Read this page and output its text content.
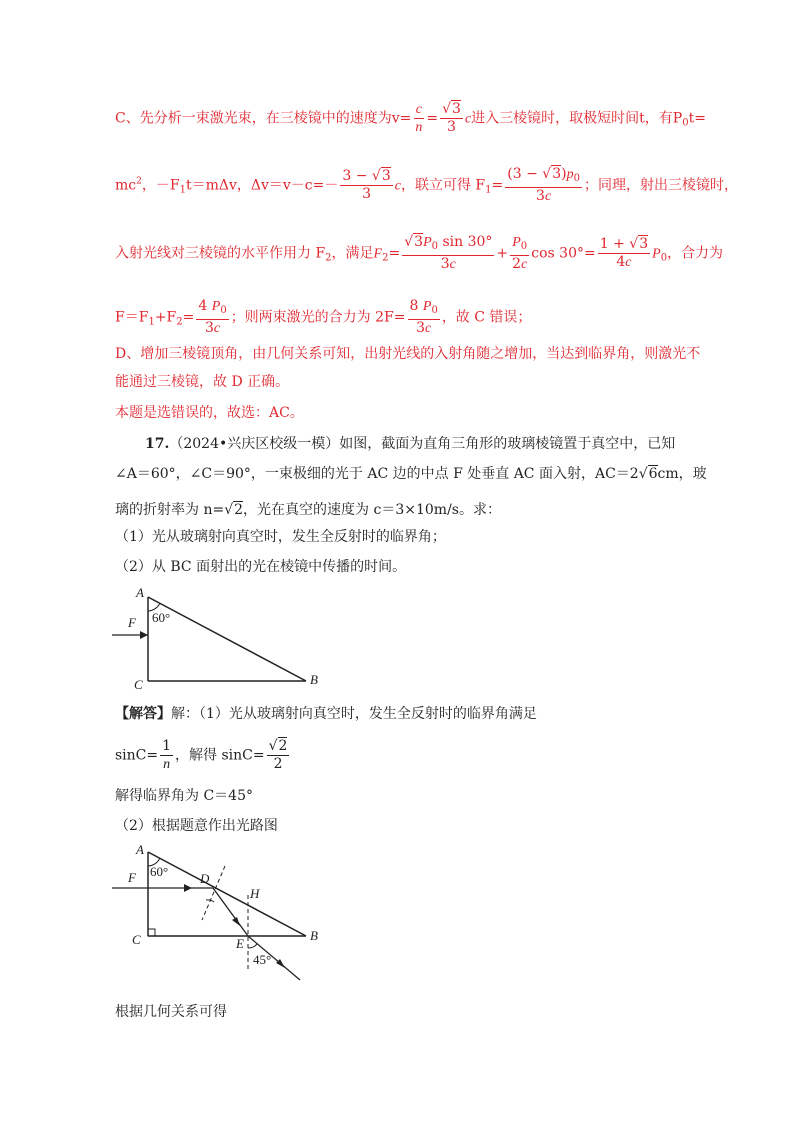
C、先分析一束激光束，在三棱镜中的速度为$v= \frac{c}{n} = \frac{√3}{3}$ c进入三棱镜时，取极短时间t，有$P_0t=$
$mc^2$，$-F_1t=m\Delta v$，$\Delta v=v-c=- \frac{3 - √3}{3}$ c，联立可得 $F_1= \frac{(3 - √3)p_0}{3c}$ ；同理，射出三棱镜时，
入射光线对三棱镜的水平作用力 $F_2$，满足$F_2= \frac{√3P_0 \sin 30^\circ}{3c} + \frac{P_0}{2c}$ $\cos 30^\circ= \frac{1 + √3}{4c} P_0$，合力为
$F=F_1+F_2= \frac{4 P_0}{3c}$ ；则两束激光的合力为 $2F= \frac{8 P_0}{3c}$ ，故 C 错误；
D、增加三棱镜顶角，由几何关系可知，出射光线的入射角随之增加，当达到临界角，则激光不
能通过三棱镜，故 D 正确。
本题是选错误的，故选：AC。
17.（2024•兴庆区校级一模）如图，截面为直角三角形的玻璃棱镜置于真空中，已知
∠A＝60°，∠C＝90°，一束极细的光于 AC 边的中点 F 处垂直 AC 面入射，AC＝2√6cm，玻
璃的折射率为 n=√2，光在真空的速度为 c＝3×10m/s。求：
（1）光从玻璃射向真空时，发生全反射时的临界角；
（2）从 BC 面射出的光在棱镜中传播的时间。
A
F 60°
C	B
【解答】解：（1）光从玻璃射向真空时，发生全反射时的临界角满足
$\sin C= \frac{1}{n}$ ，解得 $\sin C= \frac{√2}{2}$
解得临界角为 C＝45°
（2）根据题意作出光路图
A
F 60° D
H
C	E
B
45°
根据几何关系可得
